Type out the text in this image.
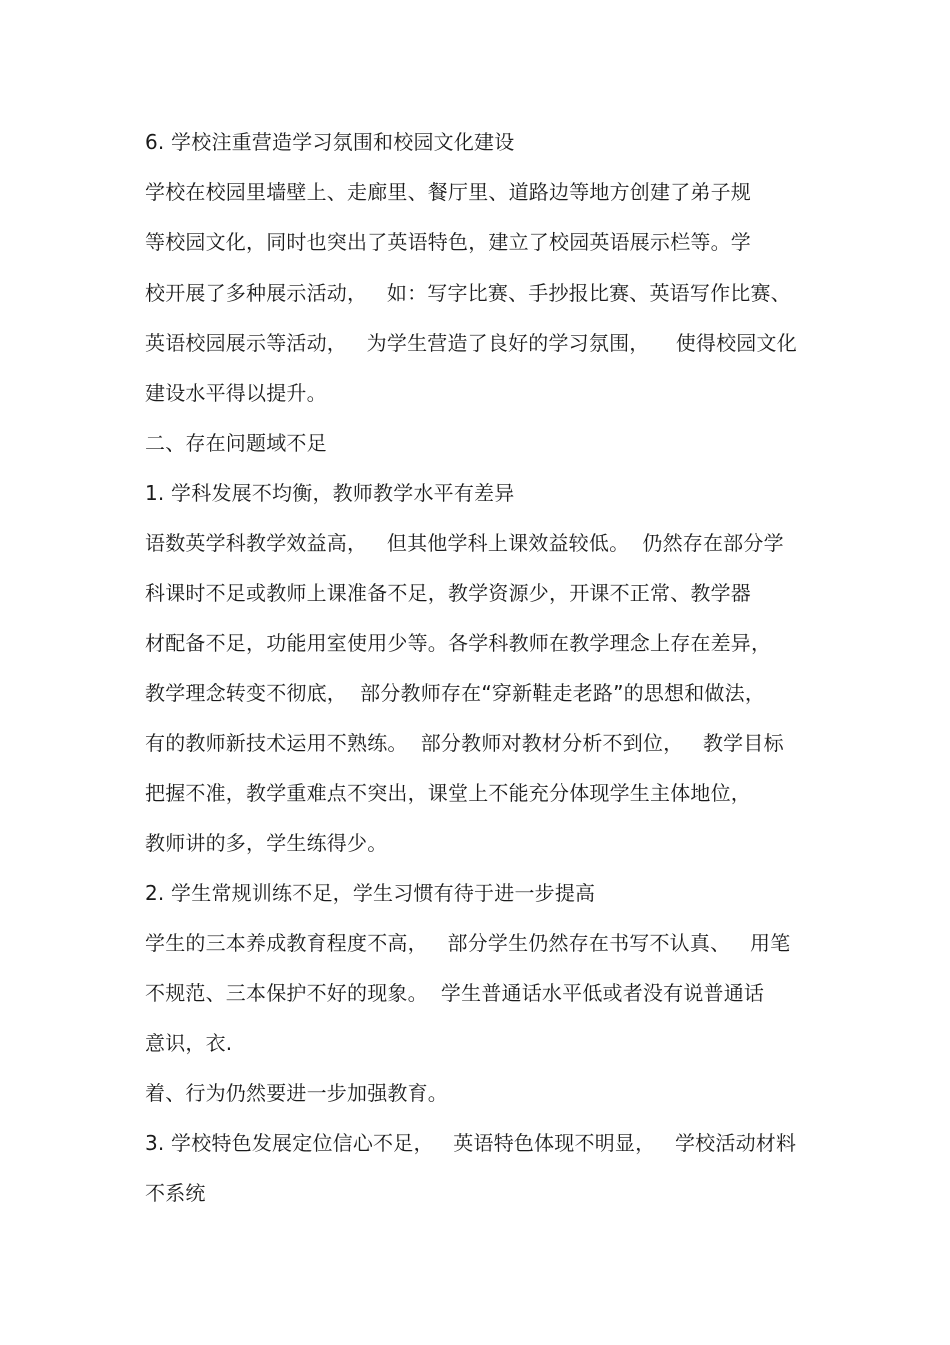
6. 学校注重营造学习氛围和校园文化建设
学校在校园里墙壁上、走廊里、餐厅里、道路边等地方创建了弟子规
等校园文化，同时也突出了英语特色，建立了校园英语展示栏等。学
校开展了多种展示活动，   如：写字比赛、手抄报比赛、英语写作比赛、
英语校园展示等活动，   为学生营造了良好的学习氛围，    使得校园文化
建设水平得以提升。
二、存在问题域不足
1. 学科发展不均衡，教师教学水平有差异
语数英学科教学效益高，   但其他学科上课效益较低。  仍然存在部分学
科课时不足或教师上课准备不足，教学资源少，开课不正常、教学器
材配备不足，功能用室使用少等。各学科教师在教学理念上存在差异，
教学理念转变不彻底，  部分教师存在“穿新鞋走老路”的思想和做法，
有的教师新技术运用不熟练。  部分教师对教材分析不到位，   教学目标
把握不准，教学重难点不突出，课堂上不能充分体现学生主体地位，
教师讲的多，学生练得少。
2. 学生常规训练不足，学生习惯有待于进一步提高
学生的三本养成教育程度不高，   部分学生仍然存在书写不认真、   用笔
不规范、三本保护不好的现象。  学生普通话水平低或者没有说普通话
意识，衣.
着、行为仍然要进一步加强教育。
3. 学校特色发展定位信心不足，   英语特色体现不明显，   学校活动材料
不系统
